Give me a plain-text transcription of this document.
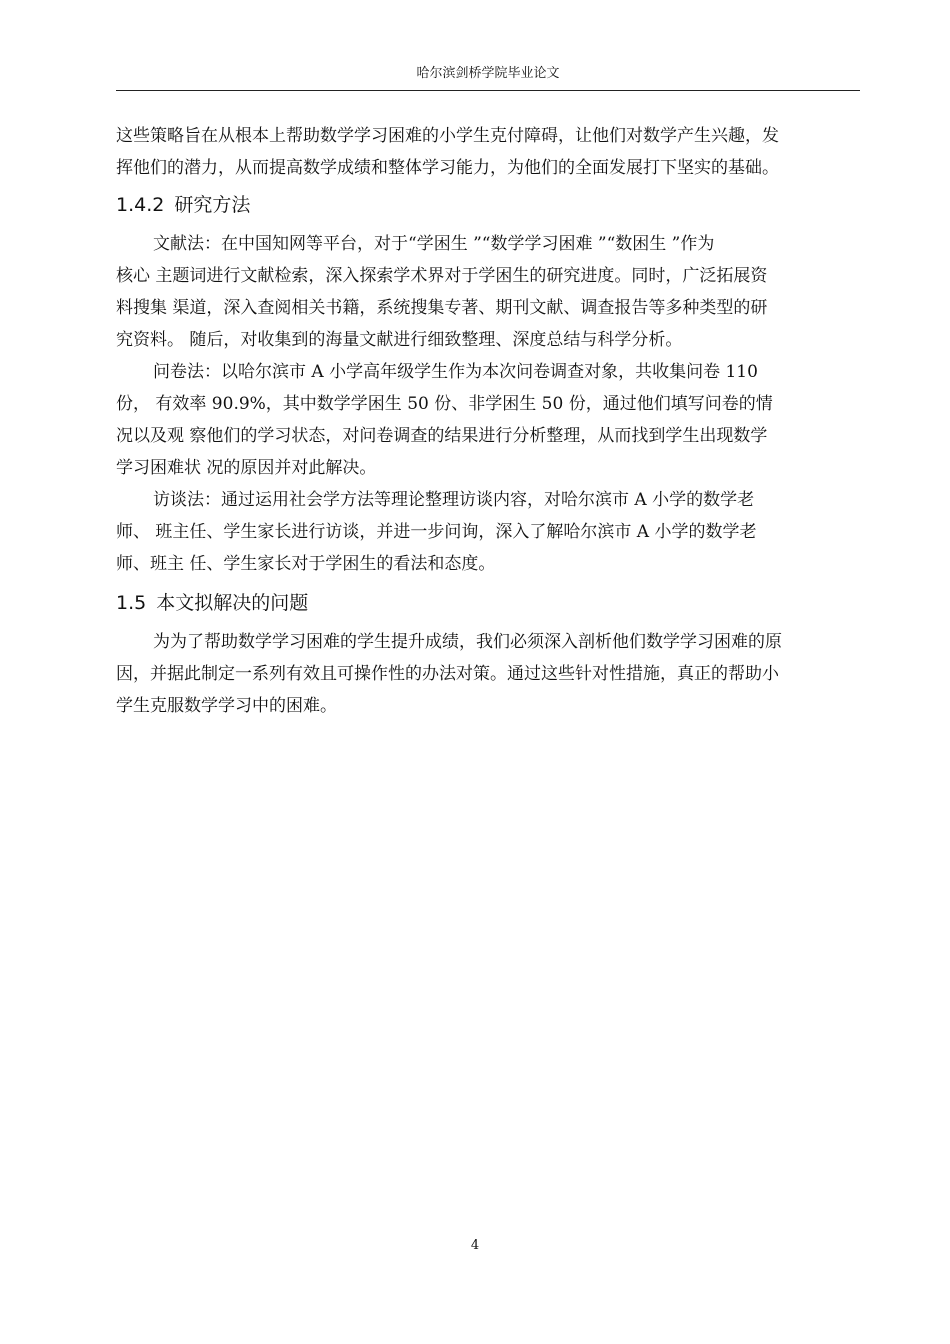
哈尔滨剑桥学院毕业论文

这些策略旨在从根本上帮助数学学习困难的小学生克付障碍，让他们对数学产生兴趣，发
挥他们的潜力，从而提高数学成绩和整体学习能力，为他们的全面发展打下坚实的基础。

1.4.2 研究方法

文献法：在中国知网等平台，对于“学困生 ”“数学学习困难 ”“数困生 ”作为
核心 主题词进行文献检索，深入探索学术界对于学困生的研究进度。同时，广泛拓展资
料搜集 渠道，深入查阅相关书籍，系统搜集专著、期刊文献、调查报告等多种类型的研
究资料。 随后，对收集到的海量文献进行细致整理、深度总结与科学分析。

问卷法：以哈尔滨市 A 小学高年级学生作为本次问卷调查对象，共收集问卷 110
份， 有效率 90.9%，其中数学学困生 50 份、非学困生 50 份，通过他们填写问卷的情
况以及观 察他们的学习状态，对问卷调查的结果进行分析整理，从而找到学生出现数学
学习困难状 况的原因并对此解决。

访谈法：通过运用社会学方法等理论整理访谈内容，对哈尔滨市 A 小学的数学老
师、 班主任、学生家长进行访谈，并进一步问询，深入了解哈尔滨市 A 小学的数学老
师、班主 任、学生家长对于学困生的看法和态度。

1.5 本文拟解决的问题

为为了帮助数学学习困难的学生提升成绩，我们必须深入剖析他们数学学习困难的原
因，并据此制定一系列有效且可操作性的办法对策。通过这些针对性措施，真正的帮助小
学生克服数学学习中的困难。

4
